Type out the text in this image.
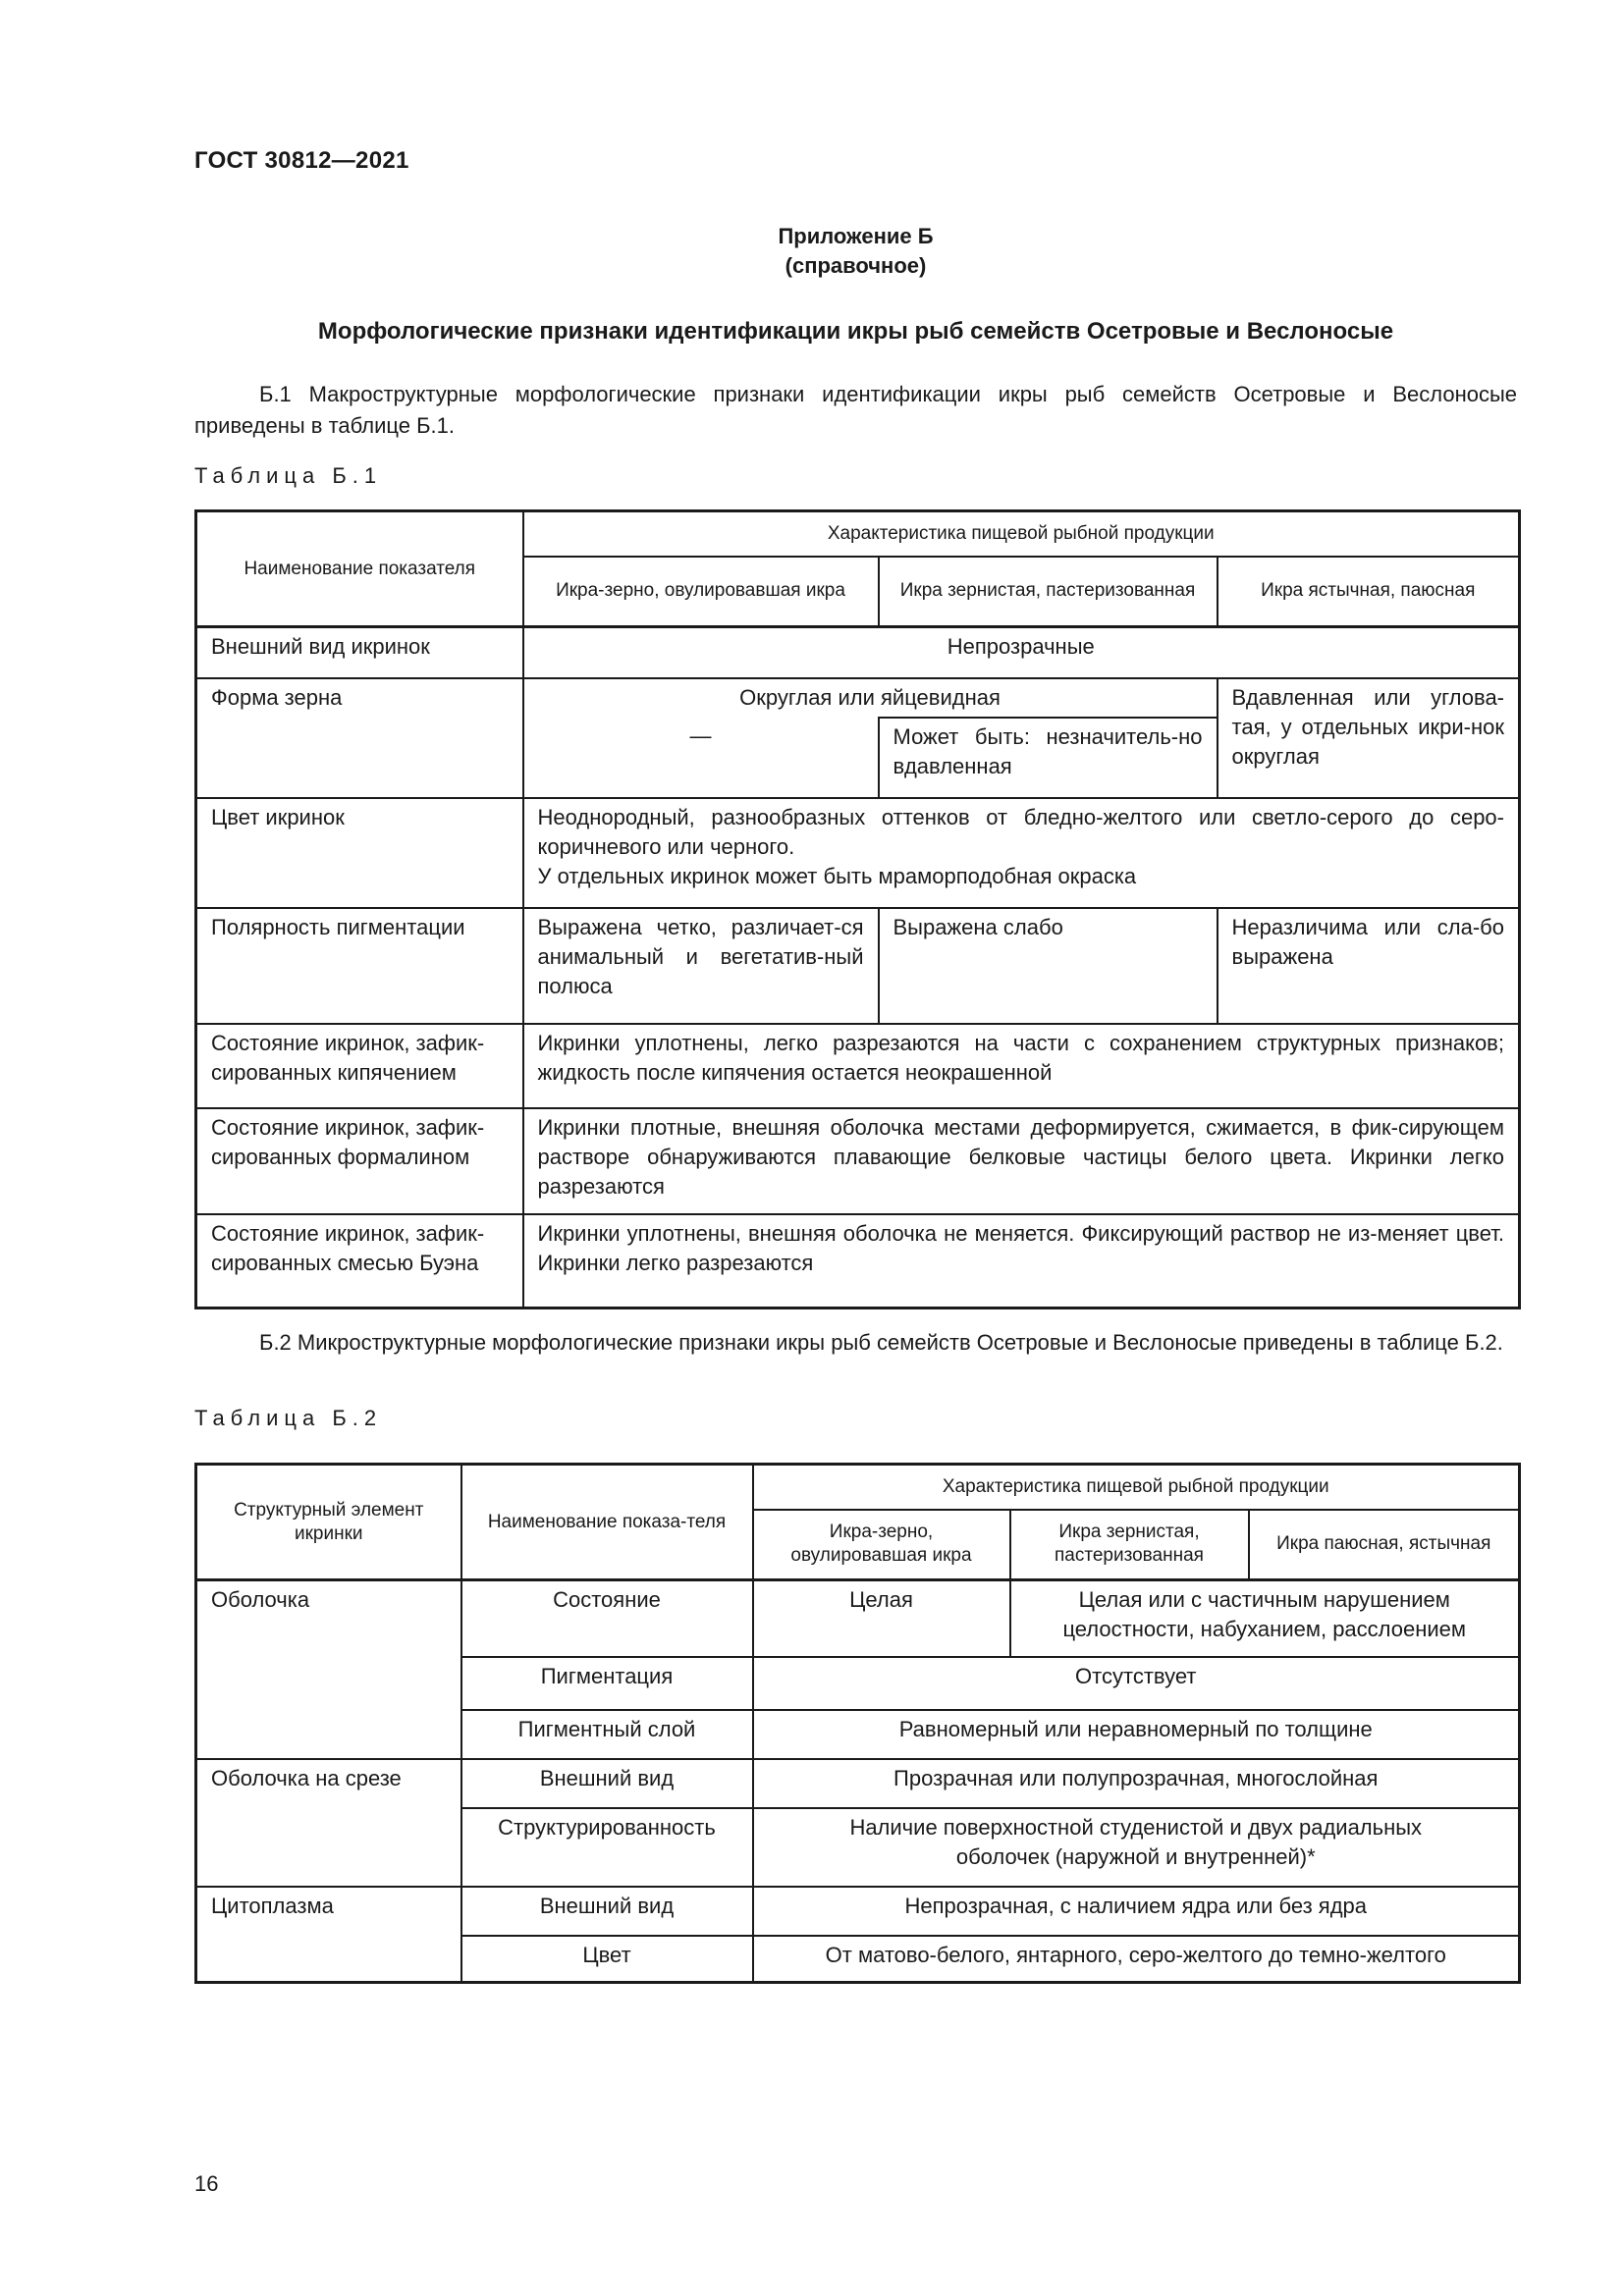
ГОСТ 30812—2021
Приложение Б
(справочное)
Морфологические признаки идентификации икры рыб семейств Осетровые и Веслоносые
Б.1 Макроструктурные морфологические признаки идентификации икры рыб семейств Осетровые и Веслоносые приведены в таблице Б.1.
Таблица Б.1
Наименование показателя	Характеристика пищевой рыбной продукции		
	Икра-зерно, овулировавшая икра	Икра зернистая, пастеризованная	Икра ястычная, паюсная
Внешний вид икринок	Непрозрачные		
Форма зерна	Округлая или яйцевидная		Вдавленная или углова-тая, у отдельных икри-нок округлая
	—	Может быть: незначитель-но вдавленная	
Цвет икринок	Неоднородный, разнообразных оттенков от бледно-желтого или светло-серого до серо-коричневого или черного.
У отдельных икринок может быть мраморподобная окраска		

Полярность пигментации	Выражена четко, различает-ся анимальный и вегетатив-ный полюса	Выражена слабо	Неразличима или сла-бо выражена
Состояние икринок, зафик-сированных кипячением	Икринки уплотнены, легко разрезаются на части с сохранением структурных признаков; жидкость после кипячения остается неокрашенной		
Состояние икринок, зафик-сированных формалином	Икринки плотные, внешняя оболочка местами деформируется, сжимается, в фик-сирующем растворе обнаруживаются плавающие белковые частицы белого цвета. Икринки легко разрезаются		
Состояние икринок, зафик-сированных смесью Буэна	Икринки уплотнены, внешняя оболочка не меняется. Фиксирующий раствор не из-меняет цвет. Икринки легко разрезаются		
Б.2 Микроструктурные морфологические признаки икры рыб семейств Осетровые и Веслоносые приведены в таблице Б.2.
Таблица Б.2
Структурный элемент икринки	Наименование показа-теля	Характеристика пищевой рыбной продукции		
		Икра-зерно, овулировавшая икра	Икра зернистая, пастеризованная	Икра паюсная, ястычная
Оболочка	Состояние	Целая	Целая или с частичным нарушением целостности, набуханием, расслоением	
	Пигментация	Отсутствует		
	Пигментный слой	Равномерный или неравномерный по толщине		
Оболочка на срезе	Внешний вид	Прозрачная или полупрозрачная, многослойная		
	Структурированность	Наличие поверхностной студенистой и двух радиальных оболочек (наружной и внутренней)*		
Цитоплазма	Внешний вид	Непрозрачная, с наличием ядра или без ядра		
	Цвет	От матово-белого, янтарного, серо-желтого до темно-желтого		
16
